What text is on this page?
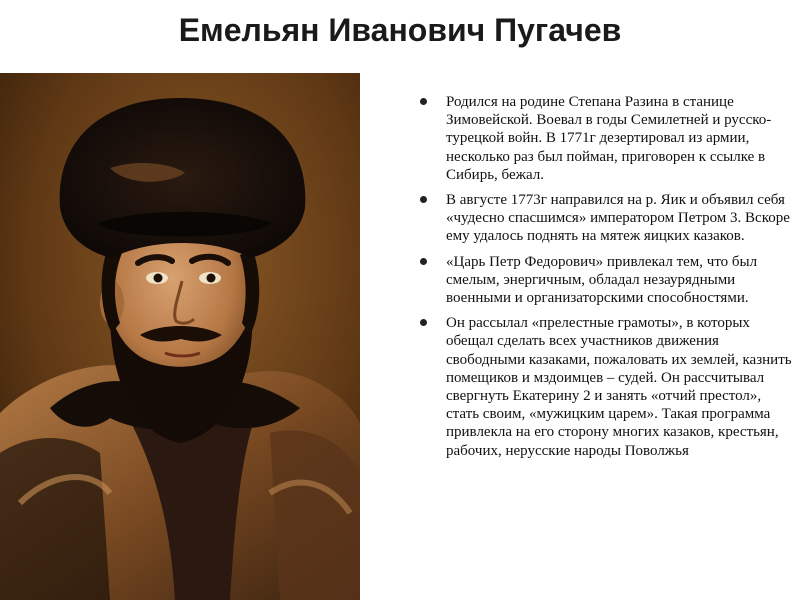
Емельян Иванович Пугачев
Родился на родине Степана Разина в станице Зимовейской. Воевал в годы Семилетней и русско-турецкой войн. В 1771г дезертировал из армии, несколько раз был пойман, приговорен к ссылке в Сибирь, бежал.
В августе 1773г направился на р. Яик и объявил себя «чудесно спасшимся» императором Петром 3. Вскоре ему удалось поднять на мятеж яицких казаков.
«Царь Петр Федорович» привлекал тем, что был смелым, энергичным, обладал незаурядными военными и организаторскими способностями.
Он рассылал «прелестные грамоты», в которых обещал сделать всех участников движения свободными казаками, пожаловать их землей, казнить помещиков и мздоимцев – судей. Он рассчитывал свергнуть Екатерину 2 и занять «отчий престол», стать своим, «мужицким царем». Такая программа привлекла на его сторону многих казаков, крестьян, рабочих, нерусские народы Поволжья
